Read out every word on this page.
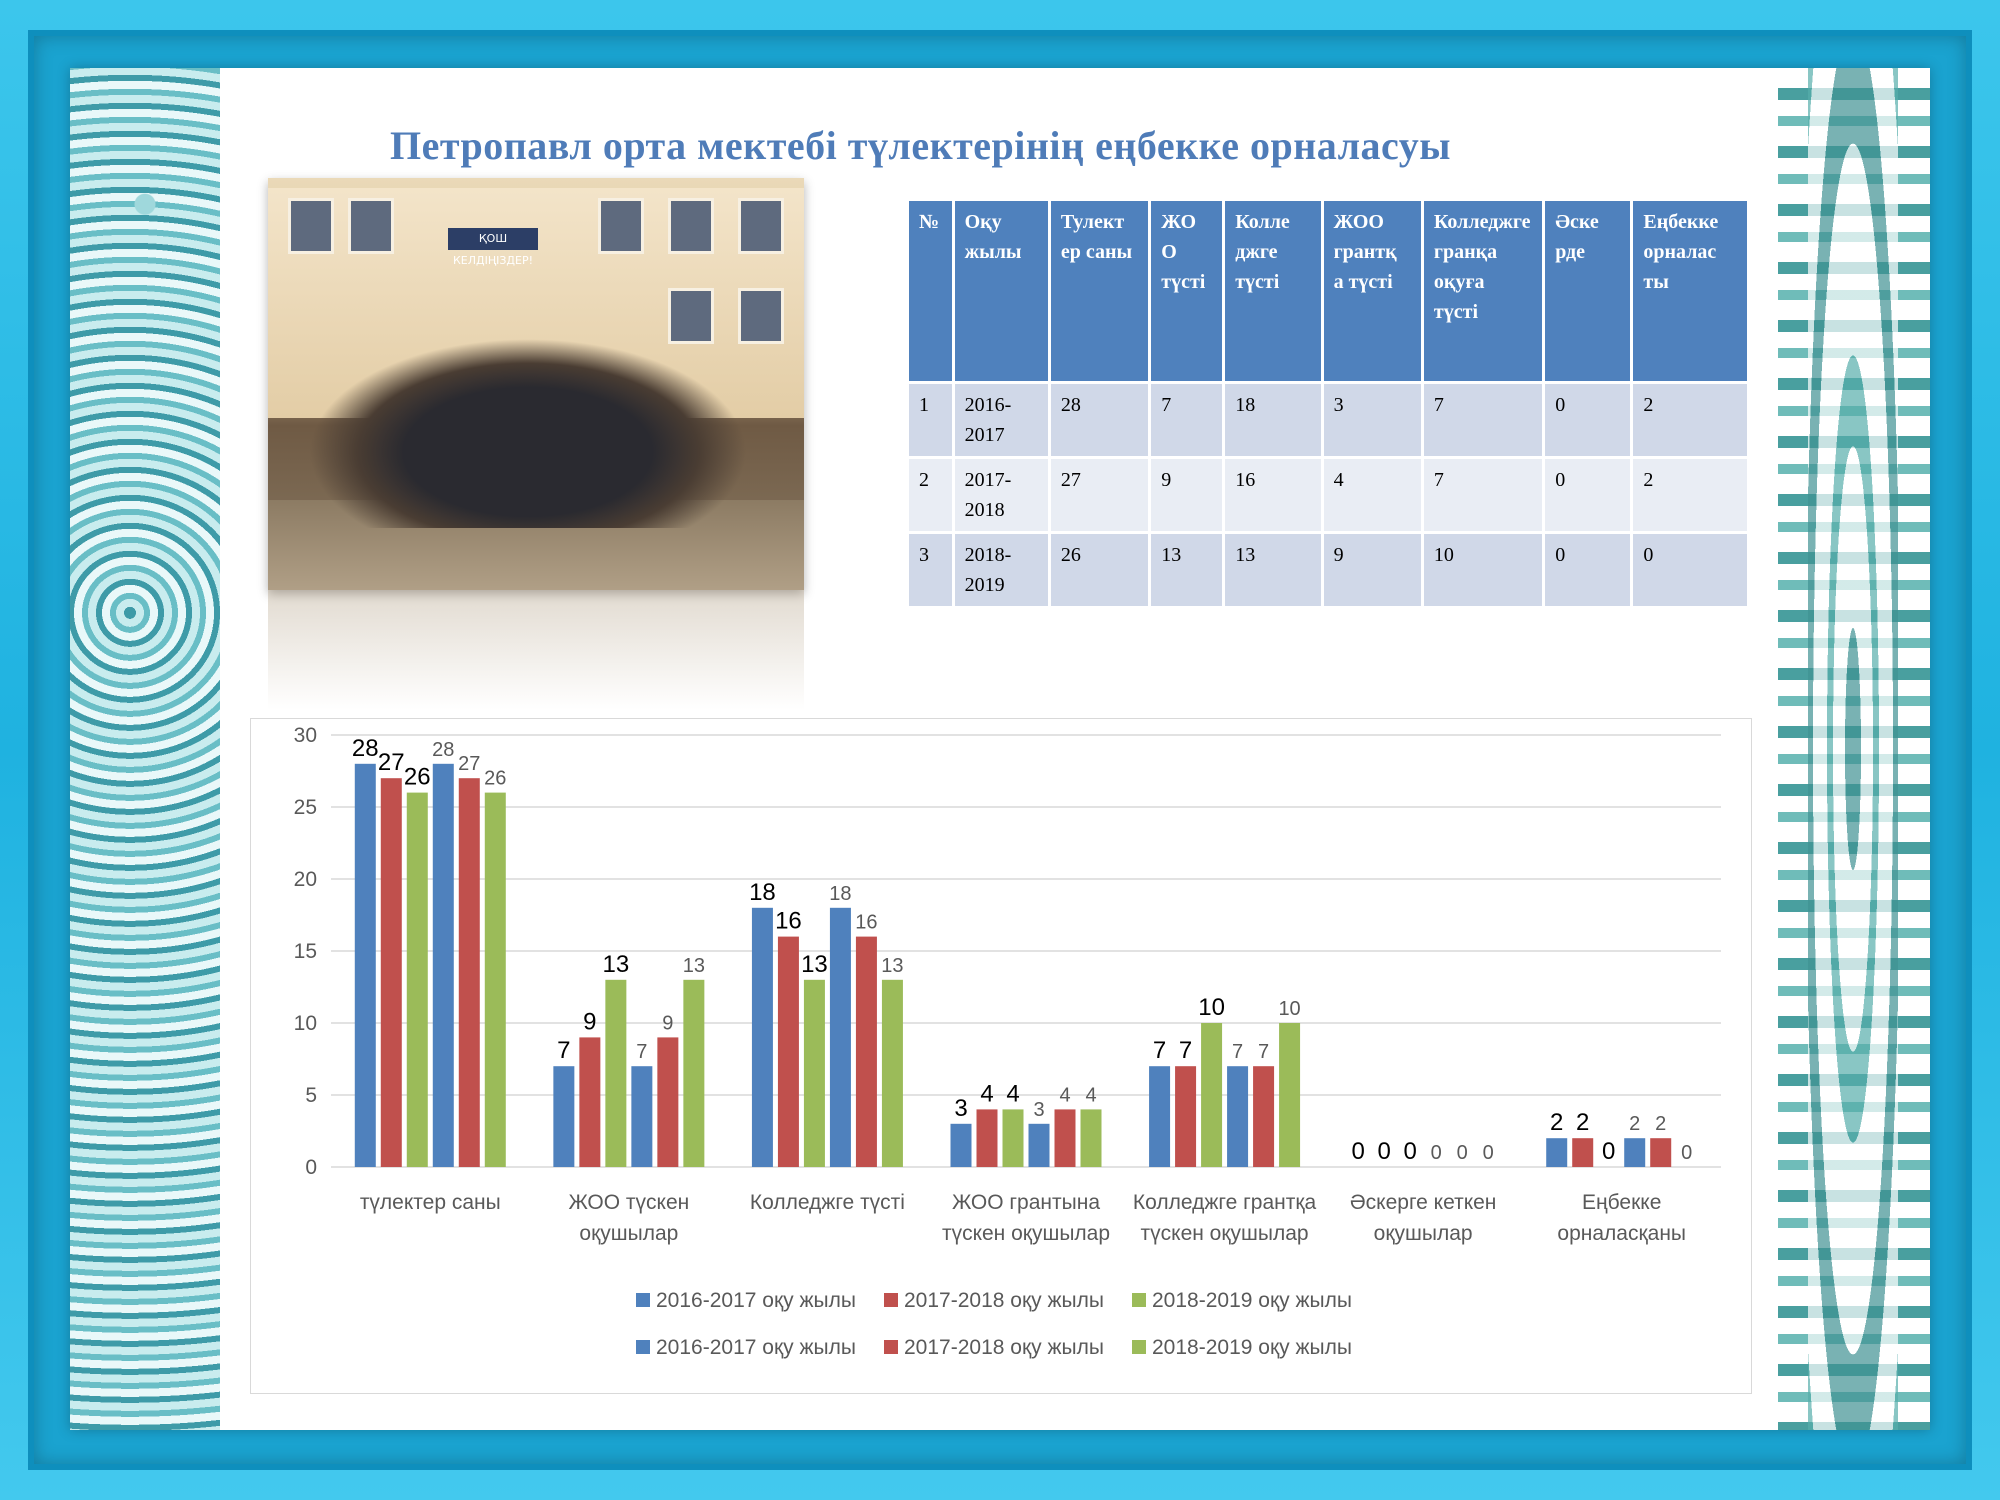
Петропавл орта мектебі түлектерінің еңбекке орналасуы
ҚОШ КЕЛДІҢІЗДЕР!
№	Оқу жылы	Тулект ер саны	ЖО О түсті	Колле джге түсті	ЖОО грантқ а түсті	Колледжге гранқа оқуға түсті	Әске рде	Еңбекке орналас ты
1	2016-2017	28	7	18	3	7	0	2
2	2017-2018	27	9	16	4	7	0	2
3	2018-2019	26	13	13	9	10	0	0
0
5
10
15
20
25
30 28
27
26
28
27
26
түлектер саны
7
9
13
7
9
13
ЖОО түскен
оқушылар
18
16
13
18
16
13
Колледжге түсті
3
4 4
3
4 4
ЖОО грантына
түскен оқушылар
7 7
10
7 7
10
Колледжге грантқа
түскен оқушылар
0 0 0 0 0 0
Әскерге кеткен
оқушылар
2 2
0
2 2
0
Еңбекке
орналасқаны
2016-2017 оқу жылы 2017-2018 оқу жылы 2018-2019 оқу жылы
2016-2017 оқу жылы 2017-2018 оқу жылы 2018-2019 оқу жылы
